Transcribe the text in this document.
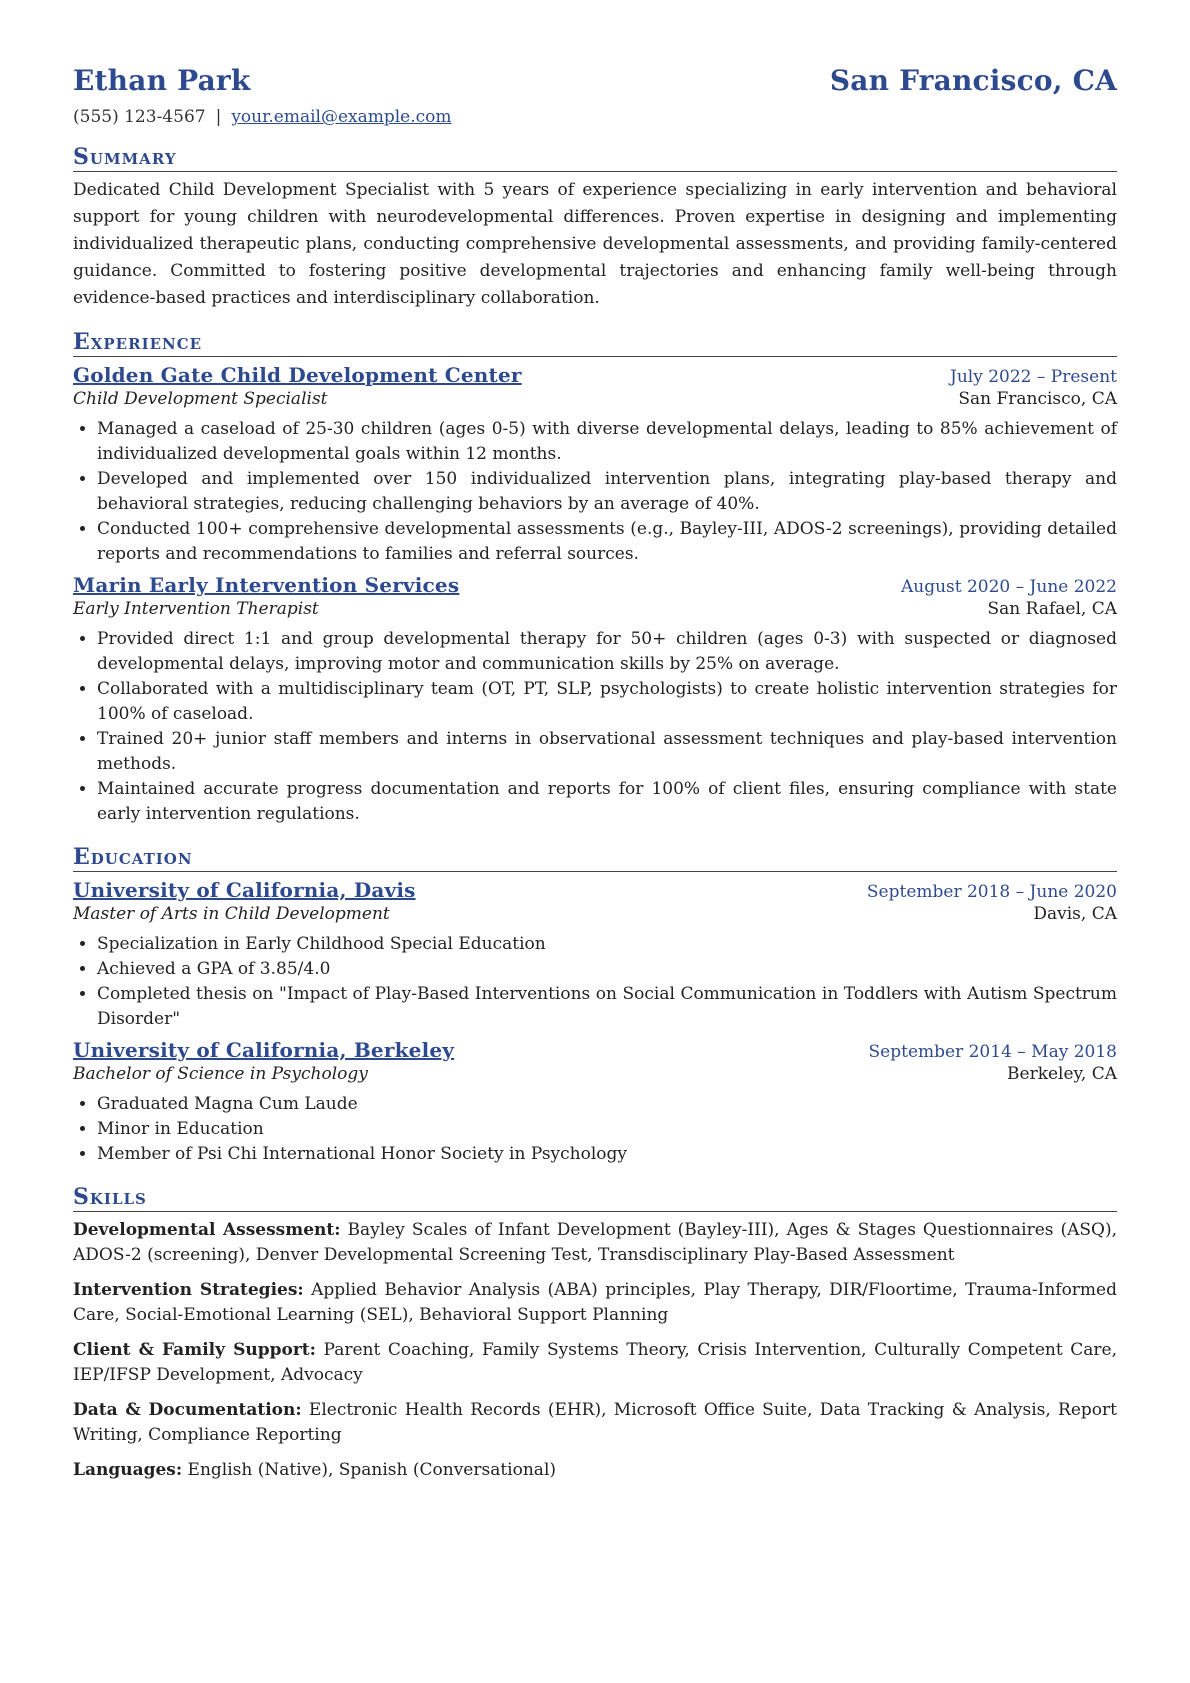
Ethan Park	San Francisco, CA
(555) 123-4567 | your.email@example.com
Summary
Dedicated Child Development Specialist with 5 years of experience specializing in early intervention and behavioral support for young children with neurodevelopmental differences. Proven expertise in designing and implementing individualized therapeutic plans, conducting comprehensive developmental assessments, and providing family-centered guidance. Committed to fostering positive developmental trajectories and enhancing family well-being through evidence-based practices and interdisciplinary collaboration.
Experience
Golden Gate Child Development Center	July 2022 – Present
Child Development Specialist	San Francisco, CA
• Managed a caseload of 25-30 children (ages 0-5) with diverse developmental delays, leading to 85% achievement of individualized developmental goals within 12 months.
• Developed and implemented over 150 individualized intervention plans, integrating play-based therapy and behavioral strategies, reducing challenging behaviors by an average of 40%.
• Conducted 100+ comprehensive developmental assessments (e.g., Bayley-III, ADOS-2 screenings), providing detailed reports and recommendations to families and referral sources.
Marin Early Intervention Services	August 2020 – June 2022
Early Intervention Therapist	San Rafael, CA
• Provided direct 1:1 and group developmental therapy for 50+ children (ages 0-3) with suspected or diagnosed developmental delays, improving motor and communication skills by 25% on average.
• Collaborated with a multidisciplinary team (OT, PT, SLP, psychologists) to create holistic intervention strategies for 100% of caseload.
• Trained 20+ junior staff members and interns in observational assessment techniques and play-based intervention methods.
• Maintained accurate progress documentation and reports for 100% of client files, ensuring compliance with state early intervention regulations.
Education
University of California, Davis	September 2018 – June 2020
Master of Arts in Child Development	Davis, CA
• Specialization in Early Childhood Special Education
• Achieved a GPA of 3.85/4.0
• Completed thesis on "Impact of Play-Based Interventions on Social Communication in Toddlers with Autism Spectrum Disorder"
University of California, Berkeley	September 2014 – May 2018
Bachelor of Science in Psychology	Berkeley, CA
• Graduated Magna Cum Laude
• Minor in Education
• Member of Psi Chi International Honor Society in Psychology
Skills
Developmental Assessment: Bayley Scales of Infant Development (Bayley-III), Ages & Stages Questionnaires (ASQ), ADOS-2 (screening), Denver Developmental Screening Test, Transdisciplinary Play-Based Assessment
Intervention Strategies: Applied Behavior Analysis (ABA) principles, Play Therapy, DIR/Floortime, Trauma-Informed Care, Social-Emotional Learning (SEL), Behavioral Support Planning
Client & Family Support: Parent Coaching, Family Systems Theory, Crisis Intervention, Culturally Competent Care, IEP/IFSP Development, Advocacy
Data & Documentation: Electronic Health Records (EHR), Microsoft Office Suite, Data Tracking & Analysis, Report Writing, Compliance Reporting
Languages: English (Native), Spanish (Conversational)
